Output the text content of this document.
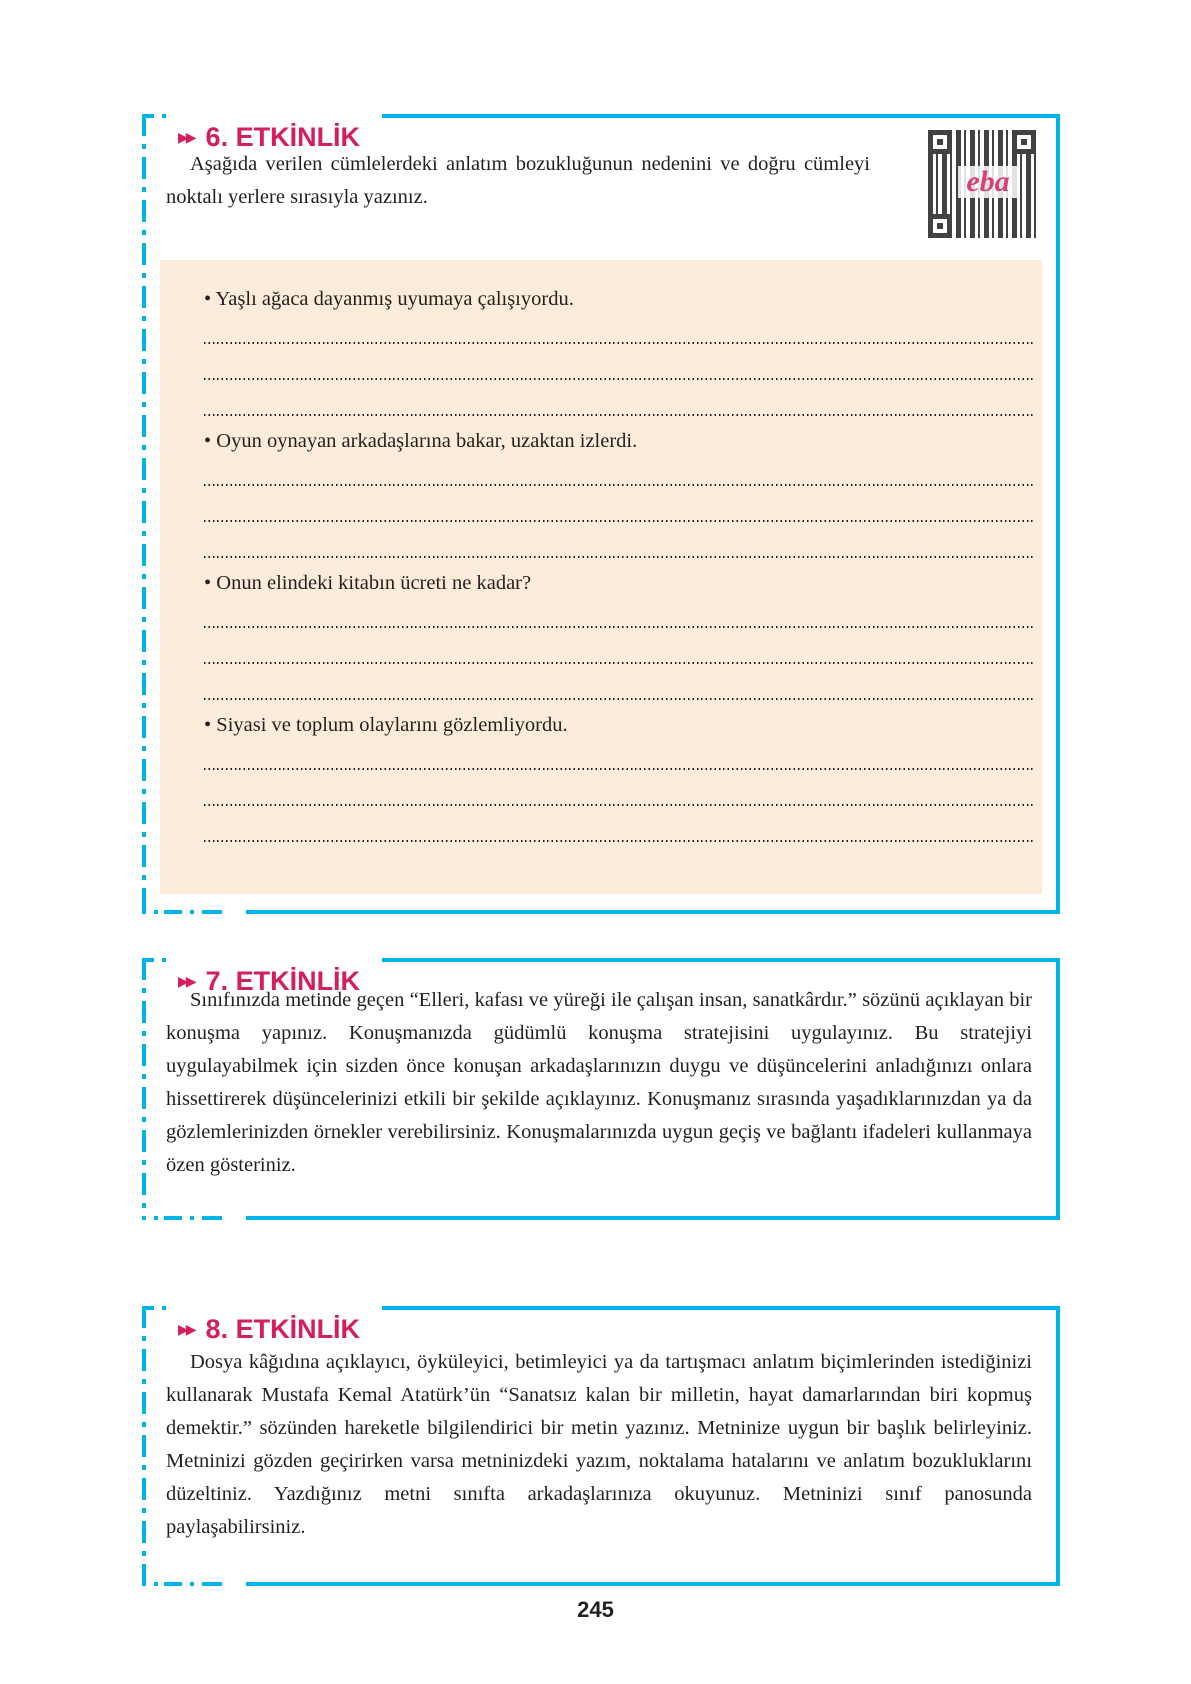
▶▶ 6. ETKİNLİK

Aşağıda verilen cümlelerdeki anlatım bozukluğunun nedenini ve doğru cümleyi noktalı yerlere sırasıyla yazınız.	eba

• Yaşlı ağaca dayanmış uyumaya çalışıyordu.

• Oyun oynayan arkadaşlarına bakar, uzaktan izlerdi.

• Onun elindeki kitabın ücreti ne kadar?

• Siyasi ve toplum olaylarını gözlemliyordu.

▶▶ 7. ETKİNLİK

Sınıfınızda metinde geçen “Elleri, kafası ve yüreği ile çalışan insan, sanatkârdır.” sözünü açıklayan bir konuşma yapınız. Konuşmanızda güdümlü konuşma stratejisini uygulayınız. Bu stratejiyi uygulayabilmek için sizden önce konuşan arkadaşlarınızın duygu ve düşüncelerini anladığınızı onlara hissettirerek düşüncelerinizi etkili bir şekilde açıklayınız. Konuşmanız sırasında yaşadıklarınızdan ya da gözlemlerinizden örnekler verebilirsiniz. Konuşmalarınızda uygun geçiş ve bağlantı ifadeleri kullanmaya özen gösteriniz.

▶▶ 8. ETKİNLİK

Dosya kâğıdına açıklayıcı, öyküleyici, betimleyici ya da tartışmacı anlatım biçimlerinden istediğinizi kullanarak Mustafa Kemal Atatürk’ün “Sanatsız kalan bir milletin, hayat damarlarından biri kopmuş demektir.” sözünden hareketle bilgilendirici bir metin yazınız. Metninize uygun bir başlık belirleyiniz. Metninizi gözden geçirirken varsa metninizdeki yazım, noktalama hatalarını ve anlatım bozukluklarını düzeltiniz. Yazdığınız metni sınıfta arkadaşlarınıza okuyunuz. Metninizi sınıf panosunda paylaşabilirsiniz.

245
